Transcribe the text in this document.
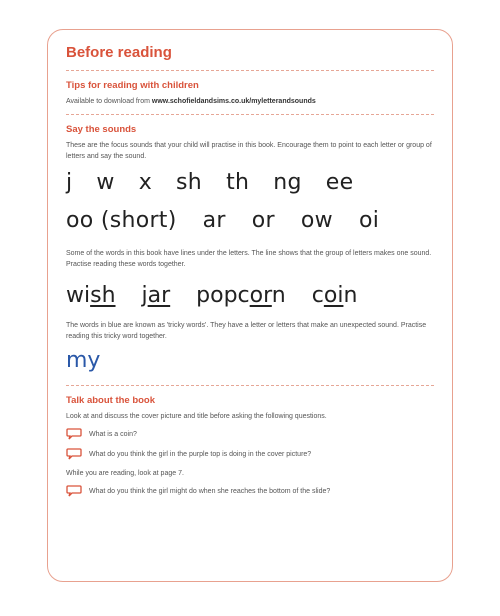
Before reading
Tips for reading with children
Available to download from www.schofieldandsims.co.uk/myletterandsounds
Say the sounds
These are the focus sounds that your child will practise in this book. Encourage them to point to each letter or group of letters and say the sound.
j w x sh th ng ee
oo (short) ar or ow oi
Some of the words in this book have lines under the letters. The line shows that the group of letters makes one sound. Practise reading these words together.
wish jar popcorn coin
The words in blue are known as 'tricky words'. They have a letter or letters that make an unexpected sound. Practise reading this tricky word together.
my
Talk about the book
Look at and discuss the cover picture and title before asking the following questions.
What is a coin?
What do you think the girl in the purple top is doing in the cover picture?
While you are reading, look at page 7.
What do you think the girl might do when she reaches the bottom of the slide?
